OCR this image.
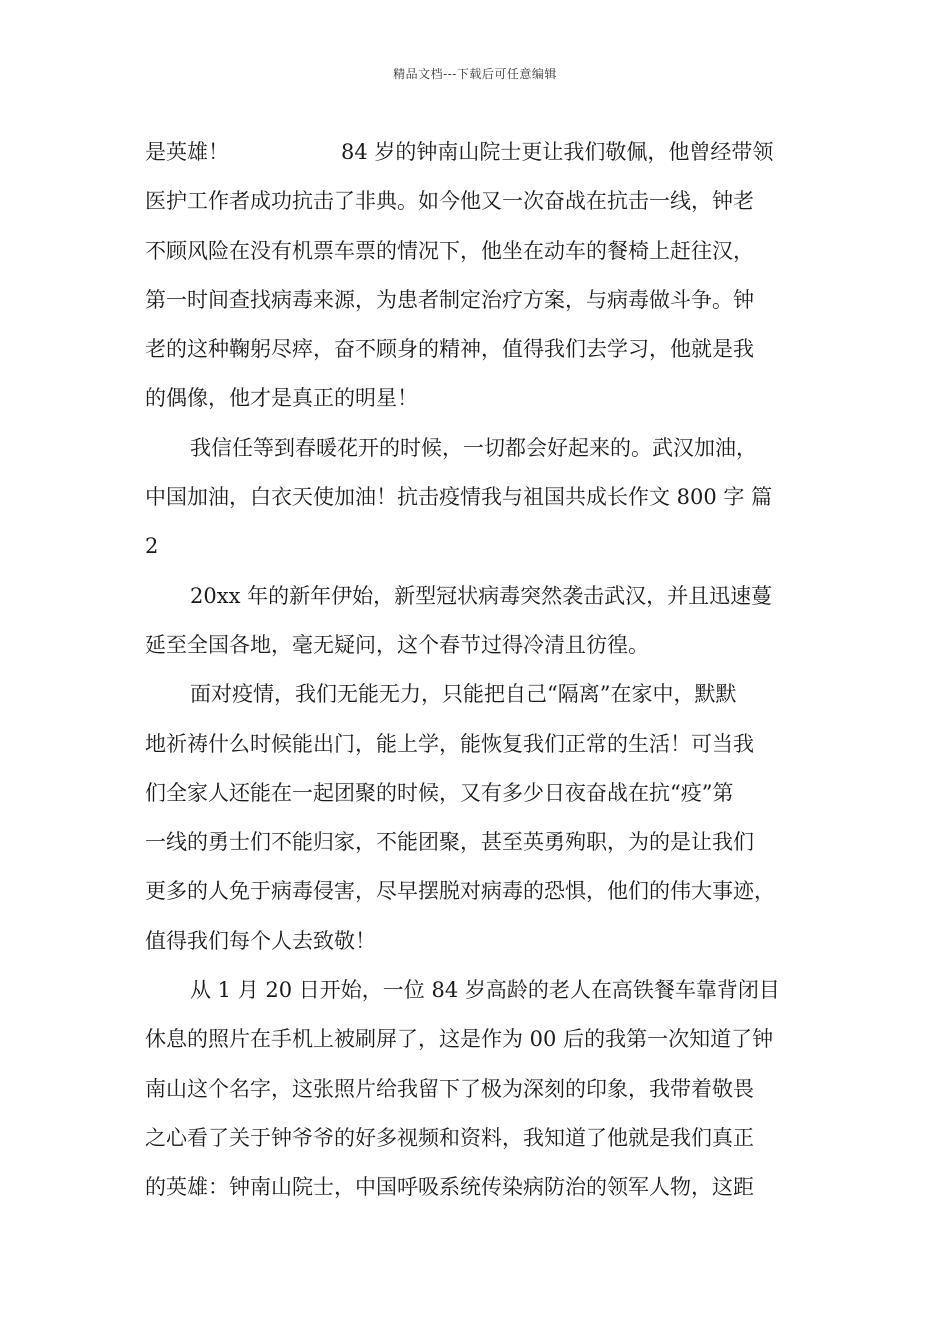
精品文档---下载后可任意编辑
是英雄！	84 岁的钟南山院士更让我们敬佩，他曾经带领
医护工作者成功抗击了非典。如今他又一次奋战在抗击一线，钟老
不顾风险在没有机票车票的情况下，他坐在动车的餐椅上赶往汉，
第一时间查找病毒来源，为患者制定治疗方案，与病毒做斗争。钟
老的这种鞠躬尽瘁，奋不顾身的精神，值得我们去学习，他就是我
的偶像，他才是真正的明星！
我信任等到春暖花开的时候，一切都会好起来的。武汉加油，
中国加油，白衣天使加油！抗击疫情我与祖国共成长作文 800 字 篇
2
20xx 年的新年伊始，新型冠状病毒突然袭击武汉，并且迅速蔓
延至全国各地，毫无疑问，这个春节过得冷清且彷徨。
面对疫情，我们无能无力，只能把自己“隔离”在家中，默默
地祈祷什么时候能出门，能上学，能恢复我们正常的生活！可当我
们全家人还能在一起团聚的时候，又有多少日夜奋战在抗“疫”第
一线的勇士们不能归家，不能团聚，甚至英勇殉职，为的是让我们
更多的人免于病毒侵害，尽早摆脱对病毒的恐惧，他们的伟大事迹，
值得我们每个人去致敬！
从 1 月 20 日开始，一位 84 岁高龄的老人在高铁餐车靠背闭目
休息的照片在手机上被刷屏了，这是作为 00 后的我第一次知道了钟
南山这个名字，这张照片给我留下了极为深刻的印象，我带着敬畏
之心看了关于钟爷爷的好多视频和资料，我知道了他就是我们真正
的英雄：钟南山院士，中国呼吸系统传染病防治的领军人物，这距
